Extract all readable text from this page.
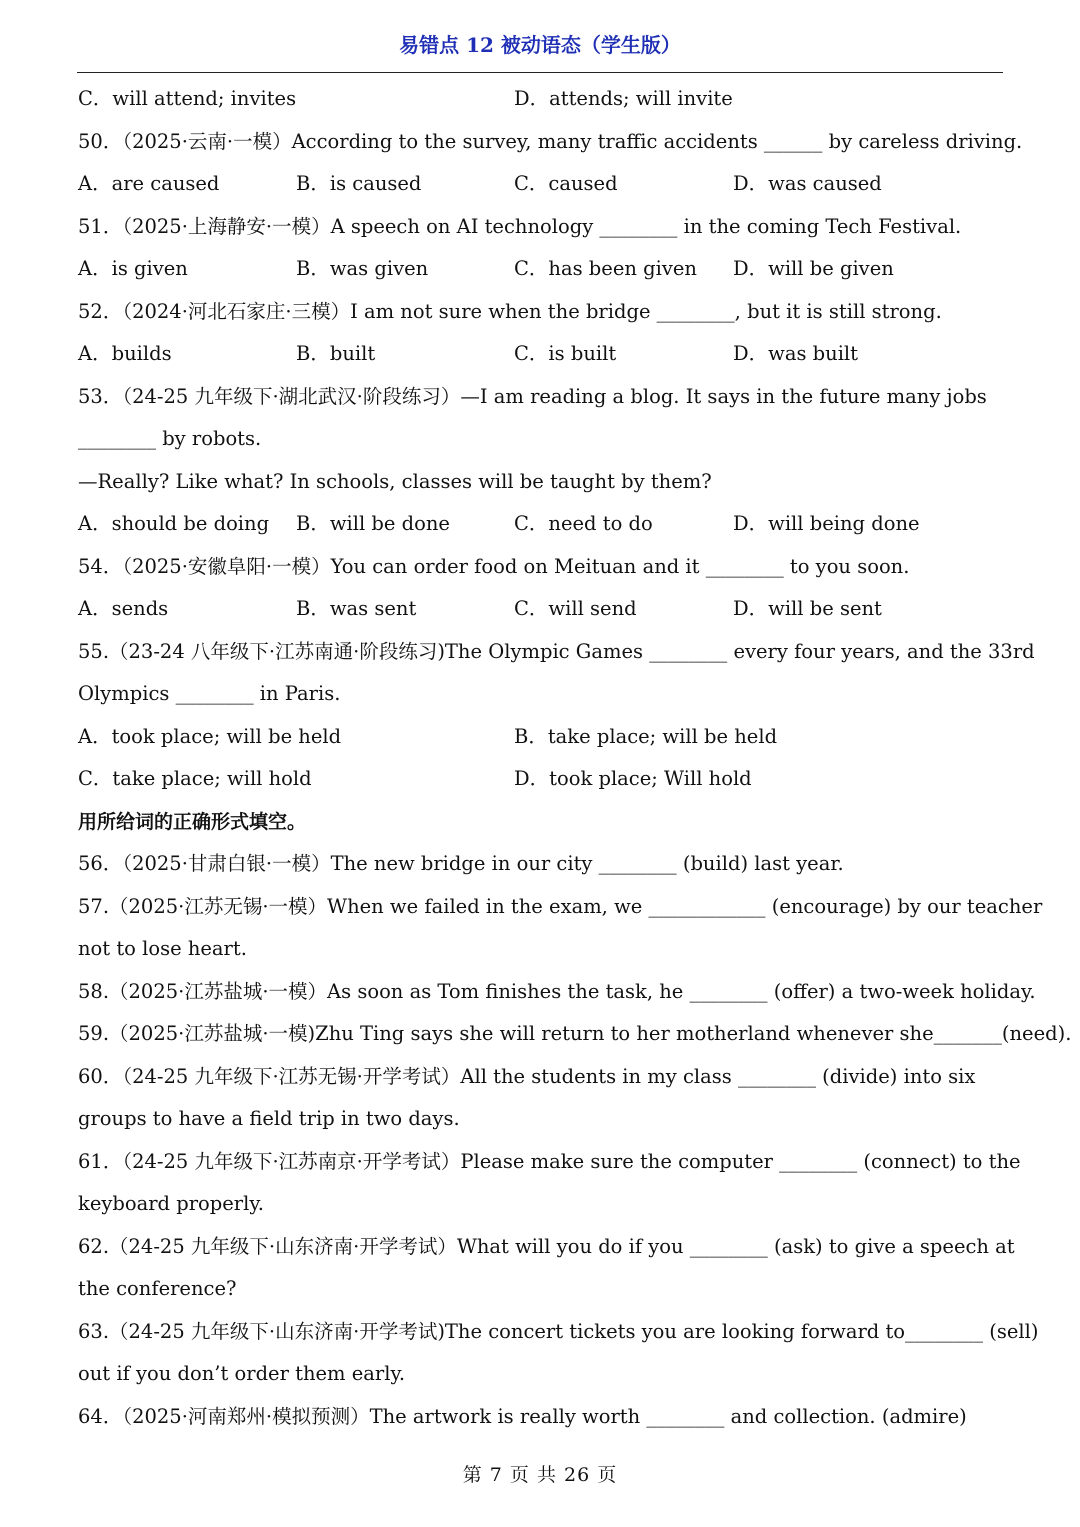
易错点 12 被动语态（学生版）
C．will attend; invites	D．attends; will invite
50．（2025·云南·一模）According to the survey, many traffic accidents ______ by careless driving.
A．are caused	B．is caused	C．caused	D．was caused
51．（2025·上海静安·一模）A speech on AI technology ________ in the coming Tech Festival.
A．is given	B．was given	C．has been given D．will be given
52．（2024·河北石家庄·三模）I am not sure when the bridge ________, but it is still strong.
A．builds	B．built	C．is built	D．was built
53．（24-25 九年级下·湖北武汉·阶段练习）—I am reading a blog. It says in the future many jobs
________ by robots.
—Really? Like what? In schools, classes will be taught by them?
A．should be doing B．will be done	C．need to do	D．will being done
54．（2025·安徽阜阳·一模）You can order food on Meituan and it ________ to you soon.
A．sends	B．was sent	C．will send	D．will be sent
55.（23-24 八年级下·江苏南通·阶段练习)The Olympic Games ________ every four years, and the 33rd
Olympics ________ in Paris.
A．took place; will be held	B．take place; will be held
C．take place; will hold	D．took place; Will hold
用所给词的正确形式填空。
56．（2025·甘肃白银·一模）The new bridge in our city ________ (build) last year.
57.（2025·江苏无锡·一模）When we failed in the exam, we ____________ (encourage) by our teacher
not to lose heart.
58.（2025·江苏盐城·一模）As soon as Tom finishes the task, he ________ (offer) a two-week holiday.
59.（2025·江苏盐城·一模)Zhu Ting says she will return to her motherland whenever she_______(need).
60．（24-25 九年级下·江苏无锡·开学考试）All the students in my class ________ (divide) into six
groups to have a field trip in two days.
61．（24-25 九年级下·江苏南京·开学考试）Please make sure the computer ________ (connect) to the
keyboard properly.
62.（24-25 九年级下·山东济南·开学考试）What will you do if you ________ (ask) to give a speech at
the conference?
63.（24-25 九年级下·山东济南·开学考试)The concert tickets you are looking forward to________ (sell)
out if you don’t order them early.
64．（2025·河南郑州·模拟预测）The artwork is really worth ________ and collection. (admire)
第 7 页 共 26 页
